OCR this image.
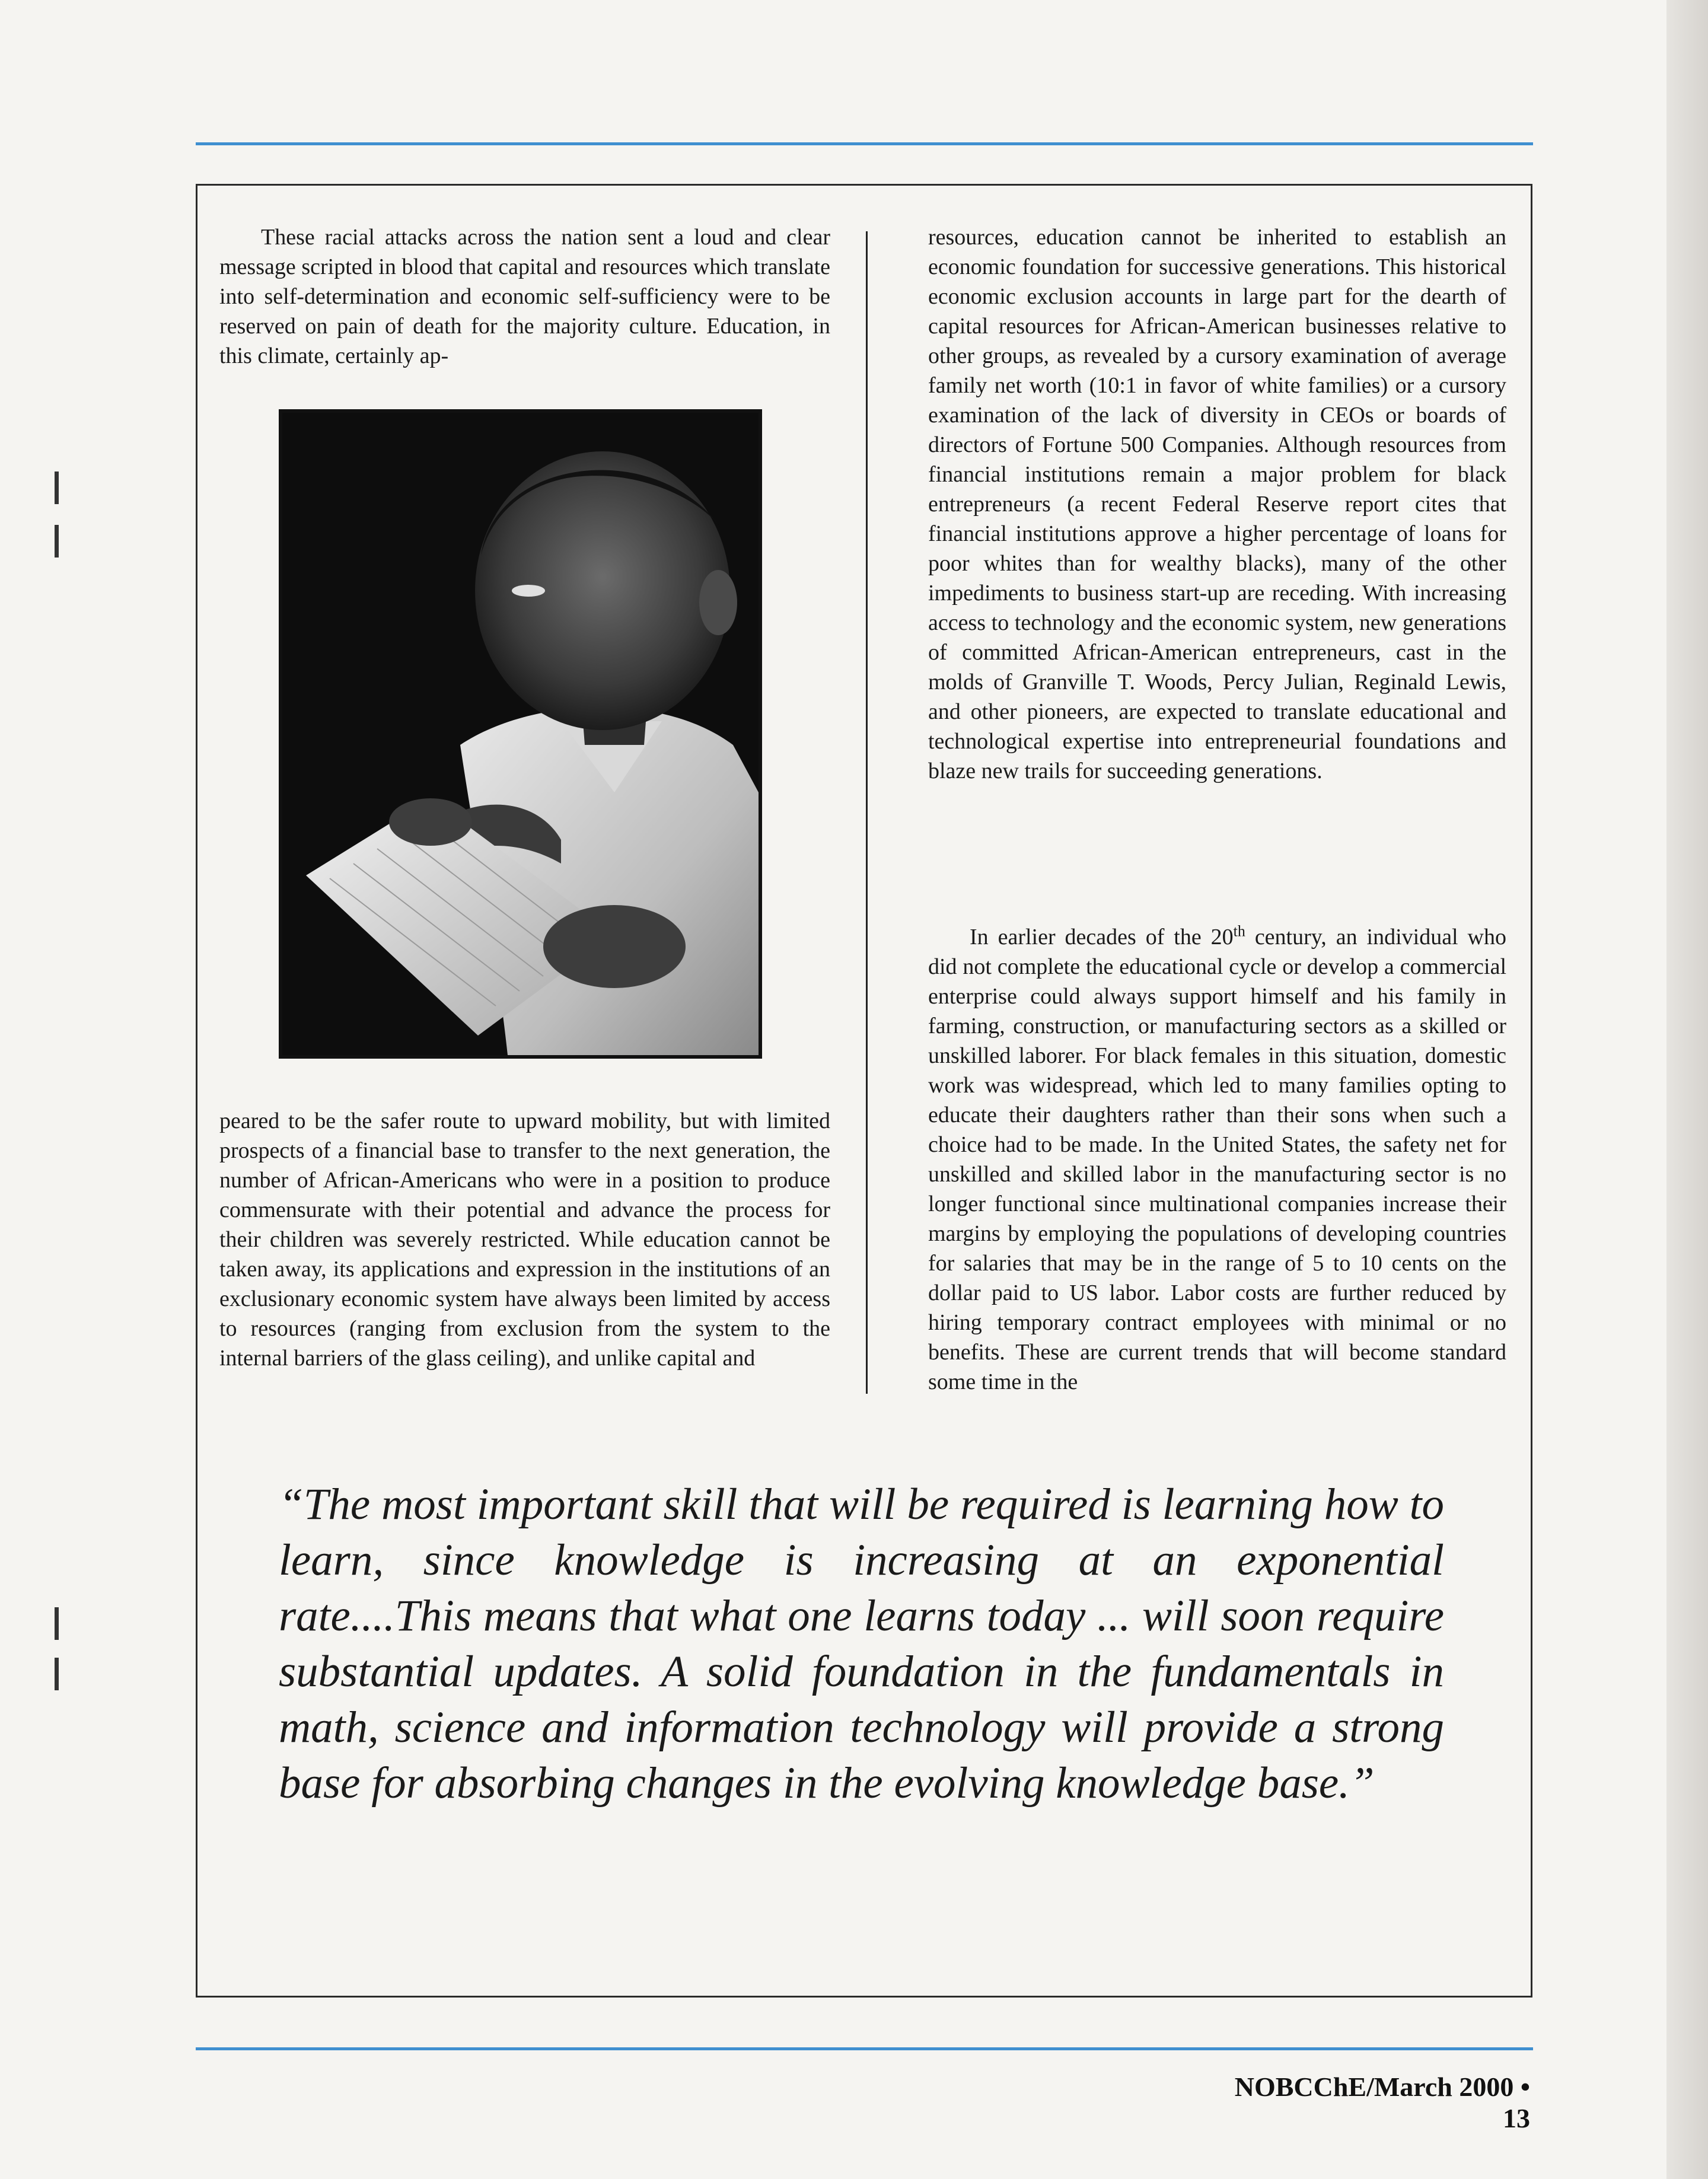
These racial attacks across the nation sent a loud and clear message scripted in blood that capital and resources which translate into self-determination and economic self-sufficiency were to be reserved on pain of death for the majority culture. Education, in this climate, certainly ap-

peared to be the safer route to upward mobility, but with limited prospects of a financial base to transfer to the next generation, the number of African-Americans who were in a position to produce commensurate with their potential and advance the process for their children was severely restricted. While education cannot be taken away, its applications and expression in the institutions of an exclusionary economic system have always been limited by access to resources (ranging from exclusion from the system to the internal barriers of the glass ceiling), and unlike capital and

resources, education cannot be inherited to establish an economic foundation for successive generations. This historical economic exclusion accounts in large part for the dearth of capital resources for African-American businesses relative to other groups, as revealed by a cursory examination of average family net worth (10:1 in favor of white families) or a cursory examination of the lack of diversity in CEOs or boards of directors of Fortune 500 Companies. Although resources from financial institutions remain a major problem for black entrepreneurs (a recent Federal Reserve report cites that financial institutions approve a higher percentage of loans for poor whites than for wealthy blacks), many of the other impediments to business start-up are receding. With increasing access to technology and the economic system, new generations of committed African-American entrepreneurs, cast in the molds of Granville T. Woods, Percy Julian, Reginald Lewis, and other pioneers, are expected to translate educational and technological expertise into entrepreneurial foundations and blaze new trails for succeeding generations.

In earlier decades of the 20th century, an individual who did not complete the educational cycle or develop a commercial enterprise could always support himself and his family in farming, construction, or manufacturing sectors as a skilled or unskilled laborer. For black females in this situation, domestic work was widespread, which led to many families opting to educate their daughters rather than their sons when such a choice had to be made. In the United States, the safety net for unskilled and skilled labor in the manufacturing sector is no longer functional since multinational companies increase their margins by employing the populations of developing countries for salaries that may be in the range of 5 to 10 cents on the dollar paid to US labor. Labor costs are further reduced by hiring temporary contract employees with minimal or no benefits. These are current trends that will become standard some time in the

“The most important skill that will be required is learning how to learn, since knowledge is increasing at an exponential rate....This means that what one learns today ... will soon require substantial updates. A solid foundation in the fundamentals in math, science and information technology will provide a strong base for absorbing changes in the evolving knowledge base.”
NOBCChE/March 2000 • 13
